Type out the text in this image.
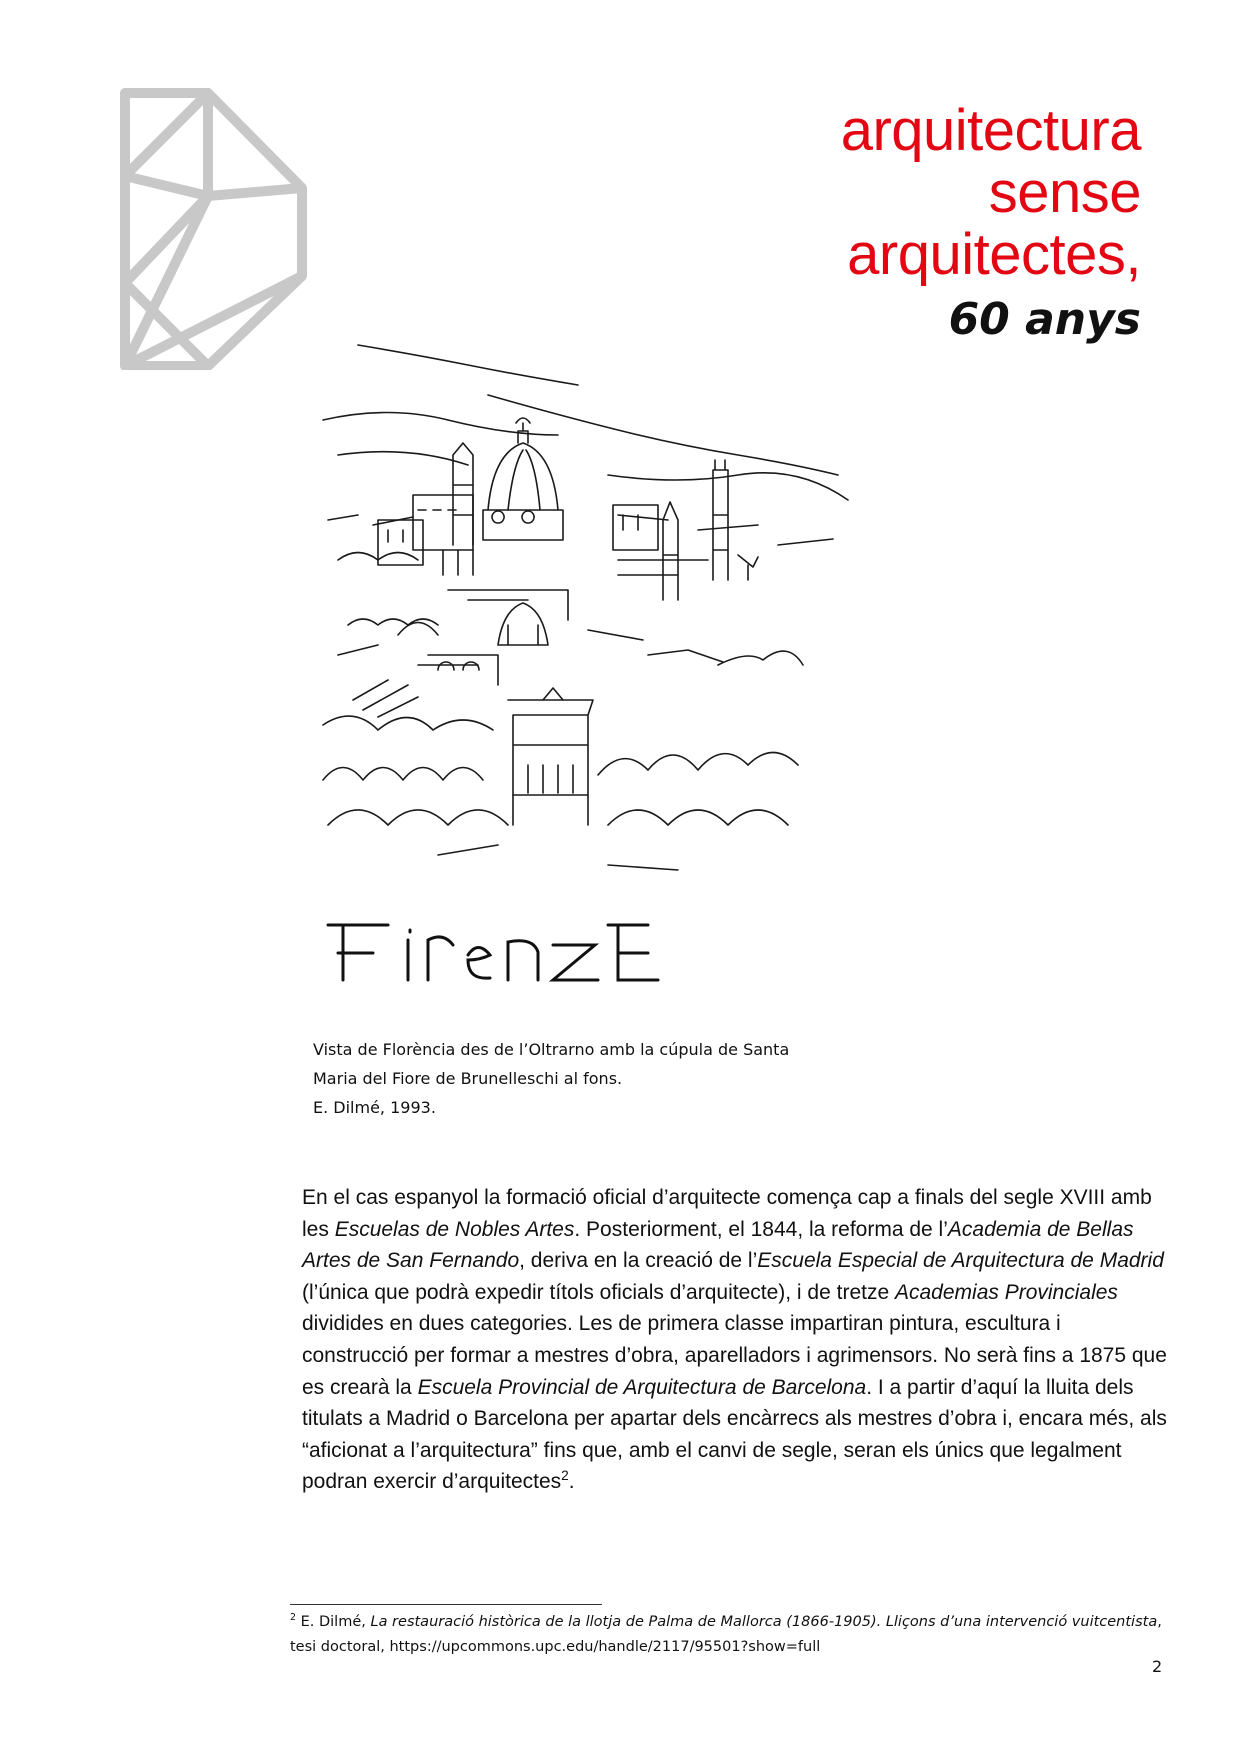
arquitectura
sense
arquitectes,
60 anys
Vista de Florència des de l’Oltrarno amb la cúpula de Santa
Maria del Fiore de Brunelleschi al fons.
E. Dilmé, 1993.

En el cas espanyol la formació oficial d’arquitecte comença cap a finals del segle XVIII amb les Escuelas de Nobles Artes. Posteriorment, el 1844, la reforma de l’Academia de Bellas Artes de San Fernando, deriva en la creació de l’Escuela Especial de Arquitectura de Madrid (l’única que podrà expedir títols oficials d’arquitecte), i de tretze Academias Provinciales dividides en dues categories. Les de primera classe impartiran pintura, escultura i construcció per formar a mestres d’obra, aparelladors i agrimensors. No serà fins a 1875 que es crearà la Escuela Provincial de Arquitectura de Barcelona. I a partir d’aquí la lluita dels titulats a Madrid o Barcelona per apartar dels encàrrecs als mestres d’obra i, encara més, als “aficionat a l’arquitectura” fins que, amb el canvi de segle, seran els únics que legalment podran exercir d’arquitectes$^2$.

$^2$ E. Dilmé, La restauració històrica de la llotja de Palma de Mallorca (1866-1905). Lliçons d’una intervenció vuitcentista, tesi doctoral, https://upcommons.upc.edu/handle/2117/95501?show=full

2
